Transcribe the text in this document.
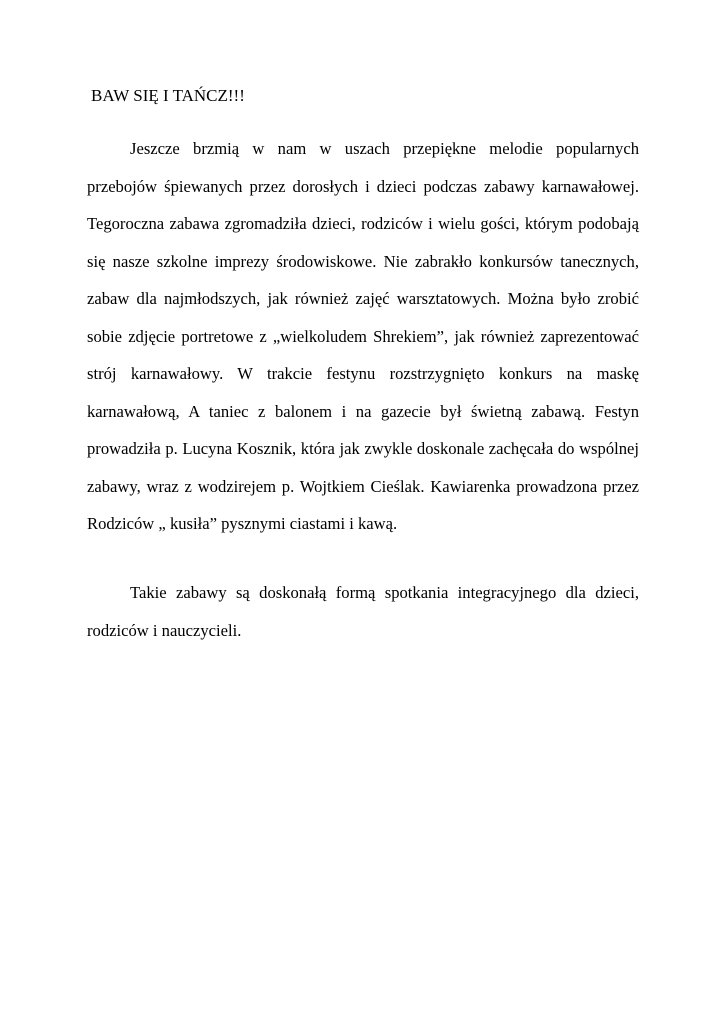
BAW SIĘ I TAŃCZ!!!

Jeszcze brzmią w nam w uszach przepiękne melodie popularnych przebojów śpiewanych przez dorosłych i dzieci podczas zabawy karnawałowej. Tegoroczna zabawa zgromadziła dzieci, rodziców i wielu gości, którym podobają się nasze szkolne imprezy środowiskowe. Nie zabrakło konkursów tanecznych, zabaw dla najmłodszych, jak również zajęć warsztatowych. Można było zrobić sobie zdjęcie portretowe z „wielkoludem Shrekiem”, jak również zaprezentować strój karnawałowy. W trakcie festynu rozstrzygnięto konkurs na maskę karnawałową, A taniec z balonem i na gazecie był świetną zabawą. Festyn prowadziła p. Lucyna Kosznik, która jak zwykle doskonale zachęcała do wspólnej zabawy, wraz z wodzirejem p. Wojtkiem Cieślak. Kawiarenka prowadzona przez Rodziców „ kusiła” pysznymi ciastami i kawą.

Takie zabawy są doskonałą formą spotkania integracyjnego dla dzieci, rodziców i nauczycieli.
